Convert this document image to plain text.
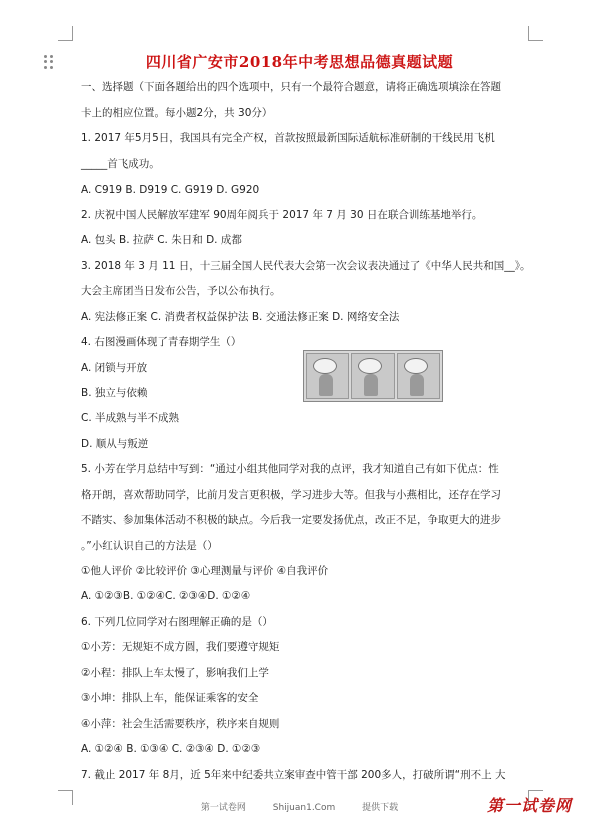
四川省广安市2018年中考思想品德真题试题
一、选择题（下面各题给出的四个选项中，只有一个最符合题意，请将正确选项填涂在答题
卡上的相应位置。每小题2分，共 30分）
1. 2017 年5月5日，我国具有完全产权，首款按照最新国际适航标准研制的干线民用飞机
_____首飞成功。
A. C919 B. D919 C. G919 D. G920
2. 庆祝中国人民解放军建军 90周年阅兵于 2017 年 7 月 30 日在联合训练基地举行。
A. 包头 B. 拉萨 C. 朱日和 D. 成都
3. 2018 年 3 月 11 日，十三届全国人民代表大会第一次会议表决通过了《中华人民共和国__》。
大会主席团当日发布公告，予以公布执行。
A. 宪法修正案 C. 消费者权益保护法 B. 交通法修正案 D. 网络安全法
4. 右图漫画体现了青春期学生（）
A. 闭锁与开放
B. 独立与依赖
C. 半成熟与半不成熟
D. 顺从与叛逆
5. 小芳在学月总结中写到：“通过小组其他同学对我的点评，我才知道自己有如下优点：性
格开朗，喜欢帮助同学，比前月发言更积极，学习进步大等。但我与小燕相比，还存在学习
不踏实、参加集体活动不积极的缺点。今后我一定要发扬优点，改正不足，争取更大的进步
。”小红认识自己的方法是（）
①他人评价 ②比较评价 ③心理测量与评价 ④自我评价
A. ①②③B. ①②④C. ②③④D. ①②④
6. 下列几位同学对右图理解正确的是（）
①小芳：无规矩不成方圆，我们要遵守规矩
②小程：排队上车太慢了，影响我们上学
③小坤：排队上车，能保证乘客的安全
④小萍：社会生活需要秩序，秩序来自规则
A. ①②④ B. ①③④ C. ②③④ D. ①②③
7. 截止 2017 年 8月，近 5年来中纪委共立案审查中管干部 200多人，打破所谓“刑不上 大
第一试卷网	Shijuan1.Com	提供下载	第一试卷网
